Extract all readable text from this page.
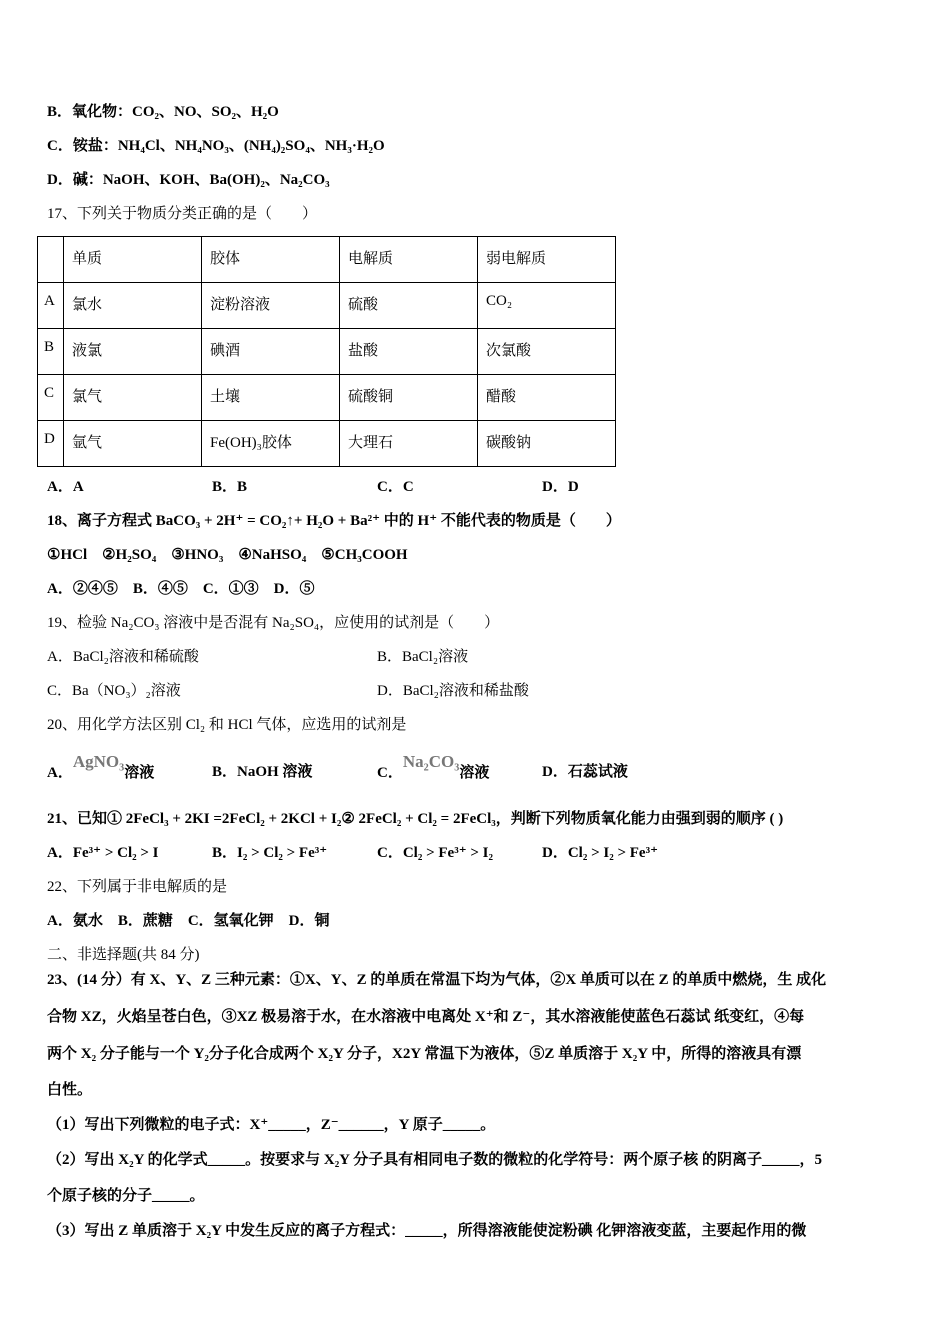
B．氧化物：CO₂、NO、SO₂、H₂O
C．铵盐：NH₄Cl、NH₄NO₃、(NH₄)₂SO₄、NH₃·H₂O
D．碱：NaOH、KOH、Ba(OH)₂、Na₂CO₃
17、下列关于物质分类正确的是（　　）
	单质	胶体	电解质	弱电解质
A	氯水	淀粉溶液	硫酸	CO₂
B	液氯	碘酒	盐酸	次氯酸
C	氯气	土壤	硫酸铜	醋酸
D	氩气	Fe(OH)₃胶体	大理石	碳酸钠
A．A	B．B	C．C	D．D
18、离子方程式 BaCO₃ + 2H⁺ = CO₂↑+ H₂O + Ba²⁺ 中的 H⁺ 不能代表的物质是（　　）
①HCl　②H₂SO₄　③HNO₃　④NaHSO₄　⑤CH₃COOH
A．②④⑤　B．④⑤　C．①③　D．⑤
19、检验 Na₂CO₃ 溶液中是否混有 Na₂SO₄，应使用的试剂是（　　）
A．BaCl₂溶液和稀硫酸	B．BaCl₂溶液
C．Ba（NO₃）₂溶液	D．BaCl₂溶液和稀盐酸
20、用化学方法区别 Cl₂ 和 HCl 气体，应选用的试剂是
A．AgNO₃溶液	B．NaOH 溶液	C．Na₂CO₃溶液	D．石蕊试液
21、已知① 2FeCl₃ + 2KI =2FeCl₂ + 2KCl + I₂② 2FeCl₂ + Cl₂ = 2FeCl₃，判断下列物质氧化能力由强到弱的顺序 ( )
A．Fe³⁺ > Cl₂ > I	B．I₂ > Cl₂ > Fe³⁺	C．Cl₂ > Fe³⁺ > I₂	D．Cl₂ > I₂ > Fe³⁺
22、下列属于非电解质的是
A．氨水　B．蔗糖　C．氢氧化钾　D．铜
二、非选择题(共 84 分)
23、(14 分）有 X、Y、Z 三种元素：①X、Y、Z 的单质在常温下均为气体，②X 单质可以在 Z 的单质中燃烧，生 成化
合物 XZ，火焰呈苍白色，③XZ 极易溶于水，在水溶液中电离处 X⁺和 Z⁻，其水溶液能使蓝色石蕊试 纸变红，④每
两个 X₂ 分子能与一个 Y₂分子化合成两个 X₂Y 分子，X2Y 常温下为液体，⑤Z 单质溶于 X₂Y 中，所得的溶液具有漂
白性。
（1）写出下列微粒的电子式：X⁺_____，Z⁻______，Y 原子_____。
（2）写出 X₂Y 的化学式_____。按要求与 X₂Y 分子具有相同电子数的微粒的化学符号：两个原子核 的阴离子_____，5
个原子核的分子_____。
（3）写出 Z 单质溶于 X₂Y 中发生反应的离子方程式：_____，所得溶液能使淀粉碘 化钾溶液变蓝，主要起作用的微
